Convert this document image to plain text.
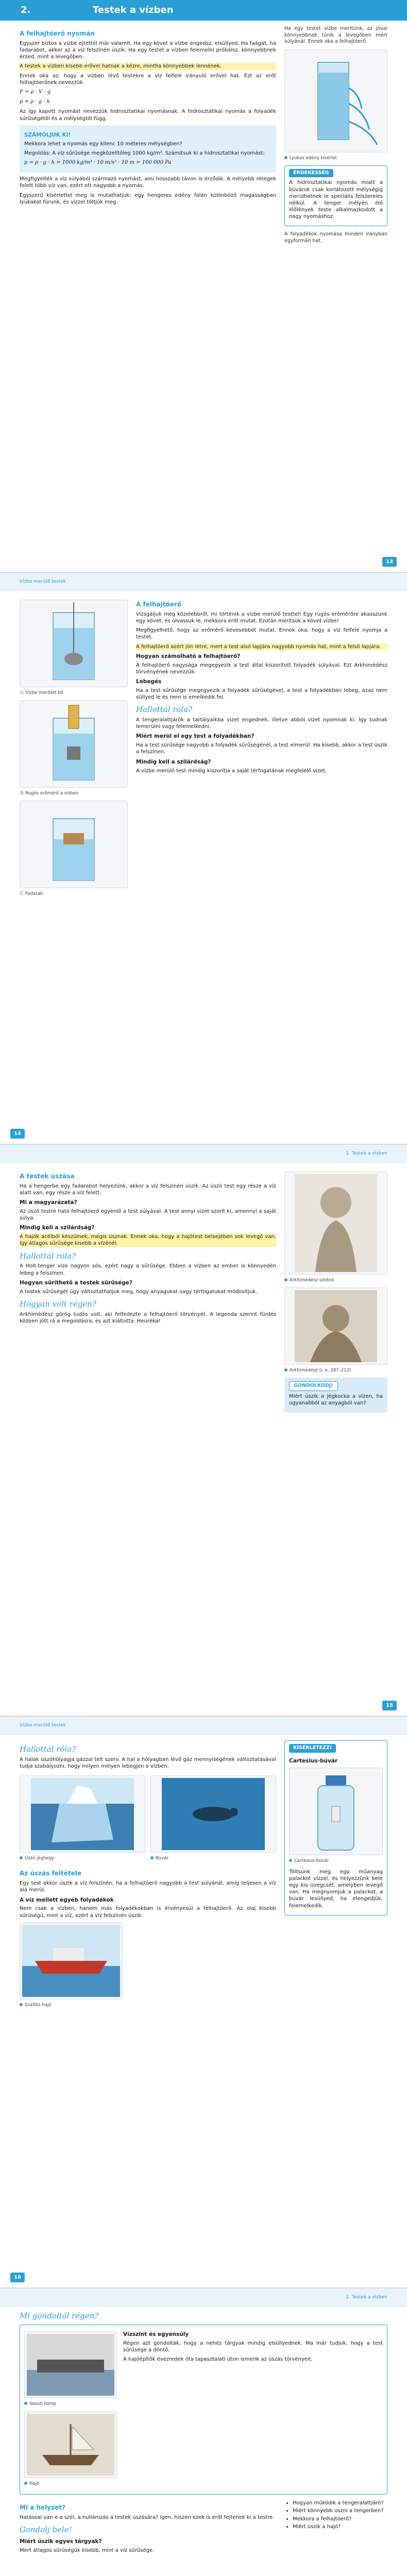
2.	Testek a vízben
A felhajtóerő nyomán

Egyszer biztos a vízbe ejtettél már valamit. Ha egy követ a vízbe engedsz, elsüllyed. Ha faágat, ha fadarabot, akkor az a víz felszínén úszik. Ha egy testet a vízben felemelni próbálsz, könnyebbnek érzed, mint a levegőben.

A testek a vízben kisebb erővel hatnak a kézre, mintha könnyebbek lennének.

Ennek oka az, hogy a vízben lévő testekre a víz felfelé irányuló erővel hat. Ezt az erőt felhajtóerőnek nevezzük.

F = ρ · V · g
p = ρ · g · h

Az így kapott nyomást nevezzük hidrosztatikai nyomásnak. A hidrosztatikai nyomás a folyadék sűrűségétől és a mélységtől függ.

SZÁMOLJUK KI!

Mekkora lehet a nyomás egy kilenc 10 méteres mélységben?

Megoldás: A víz sűrűsége megközelítőleg 1000 kg/m³. Számítsuk ki a hidrosztatikai nyomást:

p = ρ · g · h = 1000 kg/m³ · 10 m/s² · 10 m = 100 000 Pa

Megfigyelték a víz súlyából származó nyomást, ami hosszabb távon is érződik. A mélyebb rétegek felett több víz van, ezért ott nagyobb a nyomás.

Egyszerű kísérlettel meg is mutathatjuk: egy hengeres edény falán különböző magasságban lyukakat fúrunk, és vízzel töltjük meg.

Ha egy testet vízbe merítünk, az jóval könnyebbnek tűnik a levegőben mért súlyánál. Ennek oka a felhajtóerő.

Lyukas edény kísérlet
ÉRDEKESSÉG

A hidrosztatikai nyomás miatt a búvárok csak korlátozott mélységig merülhetnek le speciális felszerelés nélkül. A tenger mélyén élő élőlények teste alkalmazkodott a nagy nyomáshoz.

A folyadékok nyomása minden irányban egyformán hat.

13
Vízbe merülő testek
Ⓐ Vízbe merített kő
Ⓑ Rugós erőmérő a vízben
Ⓒ Fadarab
A felhajtóerő

Vizsgáljuk meg közelebbről, mi történik a vízbe merülő testtel! Egy rugós erőmérőre akasszunk egy követ, és olvassuk le, mekkora erőt mutat. Ezután merítsük a követ vízbe!

Megfigyelhető, hogy az erőmérő kevesebbet mutat. Ennek oka, hogy a víz felfelé nyomja a testet.

A felhajtóerő azért jön létre, mert a test alsó lapjára nagyobb nyomás hat, mint a felső lapjára.

Hogyan számolható a felhajtóerő?

A felhajtóerő nagysága megegyezik a test által kiszorított folyadék súlyával. Ezt Arkhimédész törvényének nevezzük.

Lebegés

Ha a test sűrűsége megegyezik a folyadék sűrűségével, a test a folyadékban lebeg, azaz nem süllyed le és nem is emelkedik fel.

Hallottál róla?

A tengeralattjárók a tartályaikba vizet engednek, illetve abból vizet nyomnak ki. Így tudnak lemerülni vagy felemelkedni.

Miért merül el egy test a folyadékban?

Ha a test sűrűsége nagyobb a folyadék sűrűségénél, a test elmerül. Ha kisebb, akkor a test úszik a felszínen.

Mindig kell a szilárdság?

A vízbe merülő test mindig kiszorítja a saját térfogatának megfelelő vizet.

14
2. Testek a vízben
A testek úszása

Ha a hengerbe egy fadarabot helyezünk, akkor a víz felszínén úszik. Az úszó test egy része a víz alatt van, egy része a víz felett.

Mi a magyarázata?

Az úszó testre ható felhajtóerő egyenlő a test súlyával. A test annyi vizet szorít ki, amennyi a saját súlya.

Mindig kell a szilárdság?

A hajók acélból készülnek, mégis úsznak. Ennek oka, hogy a hajótest belsejében sok levegő van, így átlagos sűrűsége kisebb a vízénél.

Hallottál róla?

A Holt-tenger vize nagyon sós, ezért nagy a sűrűsége. Ebben a vízben az ember is könnyedén lebeg a felszínen.

Hogyan sűríthető a testek sűrűsége?

A testek sűrűségét úgy változtathatjuk meg, hogy anyagukat vagy térfogatukat módosítjuk.

Hogyan volt régen?

Arkhimédész görög tudós volt, aki felfedezte a felhajtóerő törvényét. A legenda szerint fürdés közben jött rá a megoldásra, és azt kiáltotta: Heuréka!

Arkhimédész szobra
Arkhimédész (i. e. 287–212)
GONDOLKODJ!

Miért úszik a jégkocka a vízen, ha ugyanabból az anyagból van?

15
Vízbe merülő testek
Hallottál róla?

A halak úszóhólyagja gázzal telt szerv. A hal a hólyagban lévő gáz mennyiségének változtatásával tudja szabályozni, hogy milyen mélyen lebegjen a vízben.

Úszó jéghegy	Búvár
Az úszás feltétele

Egy test akkor úszik a víz felszínén, ha a felhajtóerő nagyobb a test súlyánál, amíg teljesen a víz alá merül.

A víz mellett egyéb folyadékok

Nem csak a vízben, hanem más folyadékokban is érvényesül a felhajtóerő. Az olaj kisebb sűrűségű, mint a víz, ezért a víz felszínén úszik.

Szállító hajó
KÍSÉRLETEZZ!
Cartesius-búvár
Cartesius-búvár

Töltsünk meg egy műanyag palackot vízzel, és helyezzünk bele egy kis üvegcsét, amelyben levegő van. Ha megnyomjuk a palackot, a búvár lesüllyed, ha elengedjük, felemelkedik.

16
2. Testek a vízben
Mi gondoltál régen?
Vasúti komp
Hajó
Vízszint és egyensúly

Régen azt gondolták, hogy a nehéz tárgyak mindig elsüllyednek. Ma már tudjuk, hogy a test sűrűsége a döntő.

A hajóépítők évezredek óta tapasztalati úton ismerik az úszás törvényeit.

Mi a helyzet?

Hatással van-e a szél, a hullámzás a testek úszására? Igen, hiszen ezek is erőt fejtenek ki a testre.

Gondolj bele!
Miért úszik egyes tárgyak?

Mert átlagos sűrűségük kisebb, mint a víz sűrűsége.

• Hogyan működik a tengeralattjáró?
• Miért könnyebb úszni a tengerben?
• Mekkora a felhajtóerő?
• Miért úszik a hajó?
